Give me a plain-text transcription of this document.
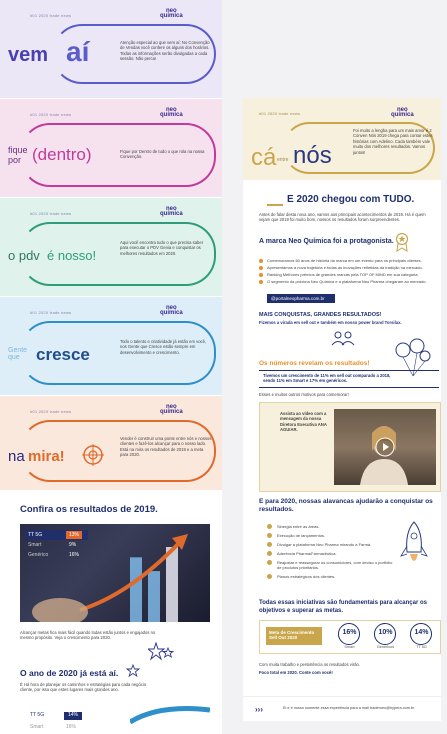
#01 2020 trade news
neo
química
vem aí	Atenção especial ao que vem aí: No Convenção de Vendas você confere os alguns dos horários. Todas as informações serão divulgadas a cada sessão. Não perca!
#01 2020 trade news
neo
química
fique
por (dentro)	Fique por Dentro de tudo o que rola na nossa Convenção.
#01 2020 trade news
neo
química
o pdv é nosso!
Aqui você encontra tudo o que precisa saber para executar o PDV Genia e conquistar os melhores resultados em 2020.
#01 2020 trade news
neo
química
Gente
que cresce
Todo o talento e criatividade já estão em você, nos Gente que Cresce estão sempre em desenvolvimento e crescimento.
#01 2020 trade news
neo
química
na mira!
Vender é construir uma ponte entre nós e nossos clientes e fazê-los alcançar para o nosso lado. Está na mira os resultados de 2019 e a meta para 2020.
Confira os resultados de 2019.
TT 5G	13%
Smart	9%
Genérico	16%
Alcançar metas fica mais fácil quando todas estão juntos e engajados no mesmo propósito. Veja o crescimento para 2020.
O ano de 2020 já está aí.
É Há hora de planejar os caminhos e estratégias para cada negócio cliente, por isso que estes lugares mais grandes ano.
TT 5G	14%
Smart	16%
#01 2020 trade news
neo
química
cá entre nós
Foi muito a lengha para um mais amor é 2 Conven Nós 2019 chega para contar estes histórias com Adelino. Cada também vale muito dos melhores resultados. Vamos juntos!
E 2020 chegou com TUDO.
Antes de falar desta nova ano, vamos aos principais acontecimentos de 2019. Há é quem vejam que 2019 foi muito bom, nossos os resultados foram surpreendentes.
A marca Neo Química foi a protagonista.
Comemoramos 60 anos de história da marca em um evento para os principais clientes.
Apresentamos a nova trajetória e todas as inovações refletidas da tradição na mercado.
Ranking Melhores prêmios de grandes marcas pela TOP OF MIND em sua categoria.
O segmento da próxima Neo Química e a plataforma Neo Pharma chegaram ao mercado.
@portalneopharma.com.br
MAIS CONQUISTAS, GRANDES RESULTADOS!
Fizemos a virada em sell out e também em nosso power brand Torsilax.
Os números revelam os resultados!
Tivemos um crescimento de 11% em sell out comparado a 2018, sendo 11% em Smart e 17% em genéricos.
Esses e muitos outros motivos para comemorar!
Assista ao vídeo com a mensagem da nossa Diretora Executiva ANA AGUIAR.
E para 2020, nossas alavancas ajudarão a conquistar os resultados.
Sinergia entre as áreas.
Execução de lançamentos.
Divulgar a plataforma Neo Pharma mirando a Farmá.
Aderência Pharma/Farmacêutica.
Reajustar e reassegurar os consumidores, com deciso o portfólio de produtos prioritários.
Planos estratégicos dos clientes.
Todas essas iniciativas são fundamentais para alcançar os objetivos e superar as metas.
Meta de Crescimento Sell Out 2020
16%
Smart
10%
Genéricos
14%
TT 5G
Com muita trabalho e persistência os resultados virão.
Foco total em 2020. Conte com você!
›››	Ei e é nosso somente essa experiência para a mail traderneo@hypera.com.br
